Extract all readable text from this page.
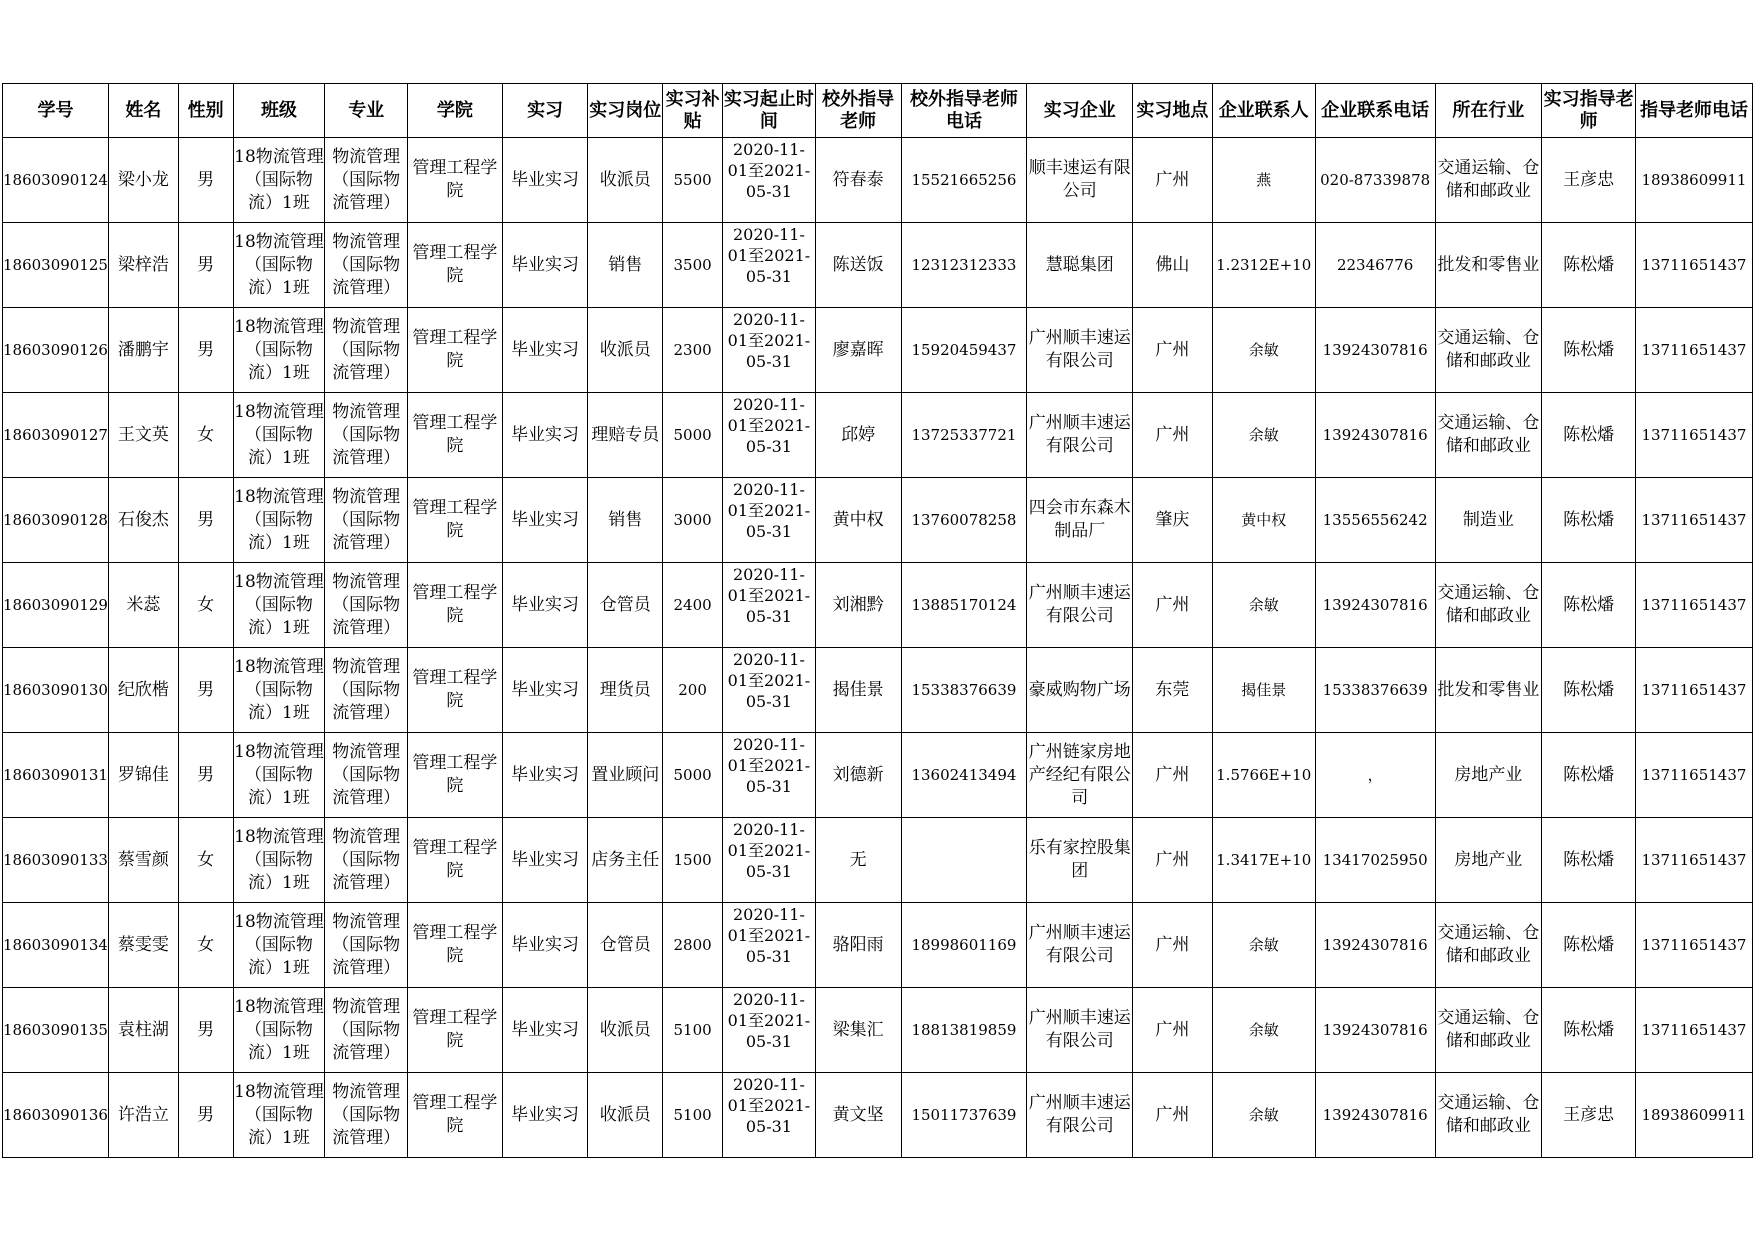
学号	姓名	性别	班级	专业	学院	实习	实习岗位	实习补贴	实习起止时间	校外指导老师	校外指导老师电话	实习企业	实习地点	企业联系人	企业联系电话	所在行业	实习指导老师	指导老师电话
18603090124	梁小龙	男	18物流管理（国际物流）1班	物流管理（国际物流管理）	管理工程学院	毕业实习	收派员	5500	2020-11-01至2021-05-31	符春泰	15521665256	顺丰速运有限公司	广州	燕	020-87339878	交通运输、仓储和邮政业	王彦忠	18938609911
18603090125	梁梓浩	男	18物流管理（国际物流）1班	物流管理（国际物流管理）	管理工程学院	毕业实习	销售	3500	2020-11-01至2021-05-31	陈送饭	12312312333	慧聪集团	佛山	1.2312E+10	22346776	批发和零售业	陈松燔	13711651437
18603090126	潘鹏宇	男	18物流管理（国际物流）1班	物流管理（国际物流管理）	管理工程学院	毕业实习	收派员	2300	2020-11-01至2021-05-31	廖嘉晖	15920459437	广州顺丰速运有限公司	广州	余敏	13924307816	交通运输、仓储和邮政业	陈松燔	13711651437
18603090127	王文英	女	18物流管理（国际物流）1班	物流管理（国际物流管理）	管理工程学院	毕业实习	理赔专员	5000	2020-11-01至2021-05-31	邱婷	13725337721	广州顺丰速运有限公司	广州	余敏	13924307816	交通运输、仓储和邮政业	陈松燔	13711651437
18603090128	石俊杰	男	18物流管理（国际物流）1班	物流管理（国际物流管理）	管理工程学院	毕业实习	销售	3000	2020-11-01至2021-05-31	黄中权	13760078258	四会市东森木制品厂	肇庆	黄中权	13556556242	制造业	陈松燔	13711651437
18603090129	米蕊	女	18物流管理（国际物流）1班	物流管理（国际物流管理）	管理工程学院	毕业实习	仓管员	2400	2020-11-01至2021-05-31	刘湘黔	13885170124	广州顺丰速运有限公司	广州	余敏	13924307816	交通运输、仓储和邮政业	陈松燔	13711651437
18603090130	纪欣楷	男	18物流管理（国际物流）1班	物流管理（国际物流管理）	管理工程学院	毕业实习	理货员	200	2020-11-01至2021-05-31	揭佳景	15338376639	豪威购物广场	东莞	揭佳景	15338376639	批发和零售业	陈松燔	13711651437
18603090131	罗锦佳	男	18物流管理（国际物流）1班	物流管理（国际物流管理）	管理工程学院	毕业实习	置业顾问	5000	2020-11-01至2021-05-31	刘德新	13602413494	广州链家房地产经纪有限公司	广州	1.5766E+10	，	房地产业	陈松燔	13711651437
18603090133	蔡雪颜	女	18物流管理（国际物流）1班	物流管理（国际物流管理）	管理工程学院	毕业实习	店务主任	1500	2020-11-01至2021-05-31	无		乐有家控股集团	广州	1.3417E+10	13417025950	房地产业	陈松燔	13711651437
18603090134	蔡雯雯	女	18物流管理（国际物流）1班	物流管理（国际物流管理）	管理工程学院	毕业实习	仓管员	2800	2020-11-01至2021-05-31	骆阳雨	18998601169	广州顺丰速运有限公司	广州	余敏	13924307816	交通运输、仓储和邮政业	陈松燔	13711651437
18603090135	袁柱湖	男	18物流管理（国际物流）1班	物流管理（国际物流管理）	管理工程学院	毕业实习	收派员	5100	2020-11-01至2021-05-31	梁集汇	18813819859	广州顺丰速运有限公司	广州	余敏	13924307816	交通运输、仓储和邮政业	陈松燔	13711651437
18603090136	许浩立	男	18物流管理（国际物流）1班	物流管理（国际物流管理）	管理工程学院	毕业实习	收派员	5100	2020-11-01至2021-05-31	黄文坚	15011737639	广州顺丰速运有限公司	广州	余敏	13924307816	交通运输、仓储和邮政业	王彦忠	18938609911
